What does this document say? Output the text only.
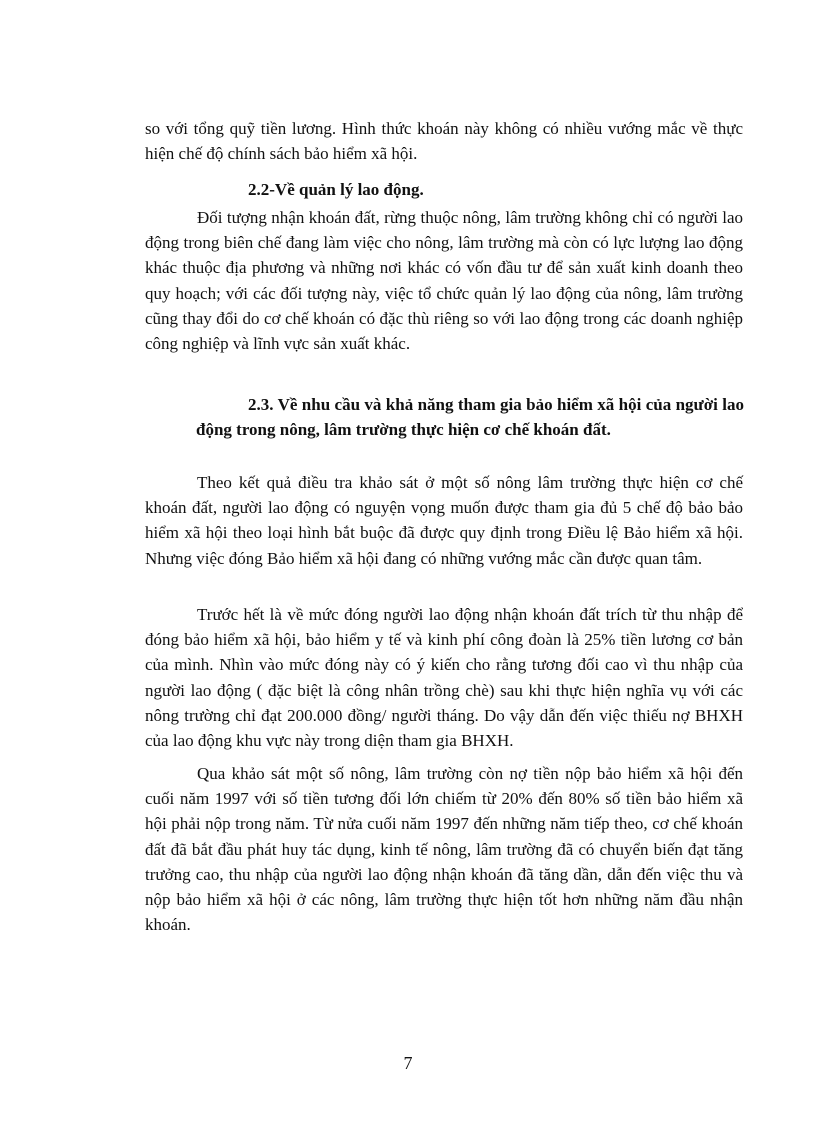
so với tổng quỹ tiền lương. Hình thức khoán này không có nhiều vướng mắc về thực hiện chế độ chính sách bảo hiểm xã hội.

2.2-Về quản lý lao động.

Đối tượng nhận khoán đất, rừng thuộc nông, lâm trường không chỉ có người lao động trong biên chế đang làm việc cho nông, lâm trường mà còn có lực lượng lao động khác thuộc địa phương và những nơi khác có vốn đầu tư để sản xuất kinh doanh theo quy hoạch; với các đối tượng này, việc tổ chức quản lý lao động của nông, lâm trường cũng thay đổi do cơ chế khoán có đặc thù riêng so với lao động trong các doanh nghiệp công nghiệp và lĩnh vực sản xuất khác.

2.3. Về nhu cầu và khả năng tham gia bảo hiểm xã hội của người lao động trong nông, lâm trường thực hiện cơ chế khoán đất.

Theo kết quả điều tra khảo sát ở một số nông lâm trường thực hiện cơ chế khoán đất, người lao động có nguyện vọng muốn được tham gia đủ 5 chế độ bảo bảo hiểm xã hội theo loại hình bắt buộc đã được quy định trong Điều lệ Bảo hiểm xã hội. Nhưng việc đóng Bảo hiểm xã hội đang có những vướng mắc cần được quan tâm.

Trước hết là về mức đóng người lao động nhận khoán đất trích từ thu nhập để đóng bảo hiểm xã hội, bảo hiểm y tế và kinh phí công đoàn là 25% tiền lương cơ bản của mình. Nhìn vào mức đóng này có ý kiến cho rằng tương đối cao vì thu nhập của người lao động ( đặc biệt là công nhân trồng chè) sau khi thực hiện nghĩa vụ với các nông trường chỉ đạt 200.000 đồng/ người tháng. Do vậy dẫn đến việc thiếu nợ BHXH của lao động khu vực này trong diện tham gia BHXH.

Qua khảo sát một số nông, lâm trường còn nợ tiền nộp bảo hiểm xã hội đến cuối năm 1997 với số tiền tương đối lớn chiếm từ 20% đến 80% số tiền bảo hiểm xã hội phải nộp trong năm. Từ nửa cuối năm 1997 đến những năm tiếp theo, cơ chế khoán đất đã bắt đầu phát huy tác dụng, kinh tế nông, lâm trường đã có chuyển biến đạt tăng trưởng cao, thu nhập của người lao động nhận khoán đã tăng dần, dẫn đến việc thu và nộp bảo hiểm xã hội ở các nông, lâm trường thực hiện tốt hơn những năm đầu nhận khoán.

7
